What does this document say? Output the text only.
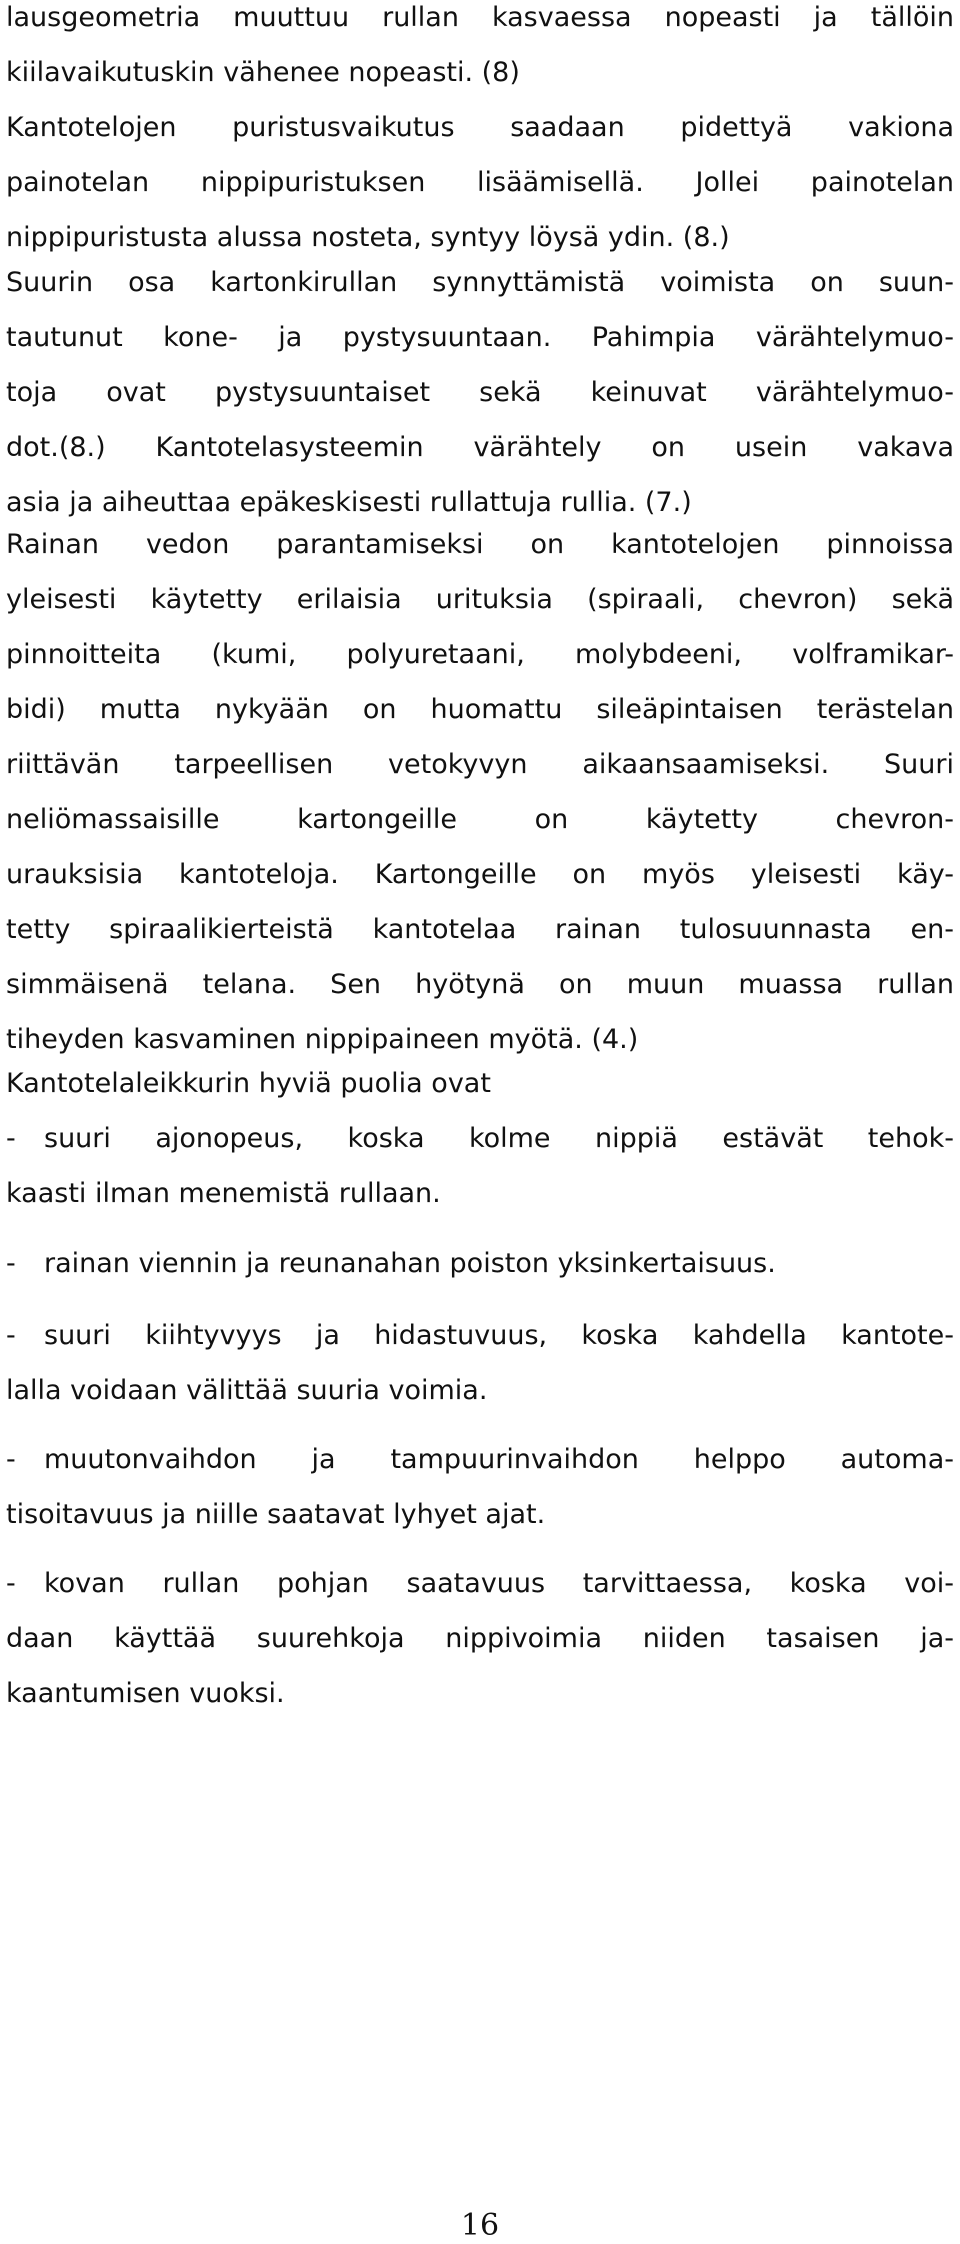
lausgeometria muuttuu rullan kasvaessa nopeasti ja tällöin
kiilavaikutuskin vähenee nopeasti. (8)
Kantotelojen puristusvaikutus saadaan pidettyä vakiona
painotelan nippipuristuksen lisäämisellä. Jollei painotelan
nippipuristusta alussa nosteta, syntyy löysä ydin. (8.)
Suurin osa kartonkirullan synnyttämistä voimista on suun-
tautunut kone- ja pystysuuntaan. Pahimpia värähtelymuo-
toja ovat pystysuuntaiset sekä keinuvat värähtelymuo-
dot.(8.) Kantotelasysteemin värähtely on usein vakava
asia ja aiheuttaa epäkeskisesti rullattuja rullia. (7.)
Rainan vedon parantamiseksi on kantotelojen pinnoissa
yleisesti käytetty erilaisia urituksia (spiraali, chevron) sekä
pinnoitteita (kumi, polyuretaani, molybdeeni, volframikar-
bidi) mutta nykyään on huomattu sileäpintaisen terästelan
riittävän tarpeellisen vetokyvyn aikaansaamiseksi. Suuri
neliömassaisille kartongeille on käytetty chevron-
urauksisia kantoteloja. Kartongeille on myös yleisesti käy-
tetty spiraalikierteistä kantotelaa rainan tulosuunnasta en-
simmäisenä telana. Sen hyötynä on muun muassa rullan
tiheyden kasvaminen nippipaineen myötä. (4.)
Kantotelaleikkurin hyviä puolia ovat
-	suuri ajonopeus, koska kolme nippiä estävät tehok-
kaasti ilman menemistä rullaan.
-	rainan viennin ja reunanahan poiston yksinkertaisuus.
-	suuri kiihtyvyys ja hidastuvuus, koska kahdella kantote-
lalla voidaan välittää suuria voimia.
-	muutonvaihdon ja tampuurinvaihdon helppo automa-
tisoitavuus ja niille saatavat lyhyet ajat.
-	kovan rullan pohjan saatavuus tarvittaessa, koska voi-
daan käyttää suurehkoja nippivoimia niiden tasaisen ja-
kaantumisen vuoksi.
16
